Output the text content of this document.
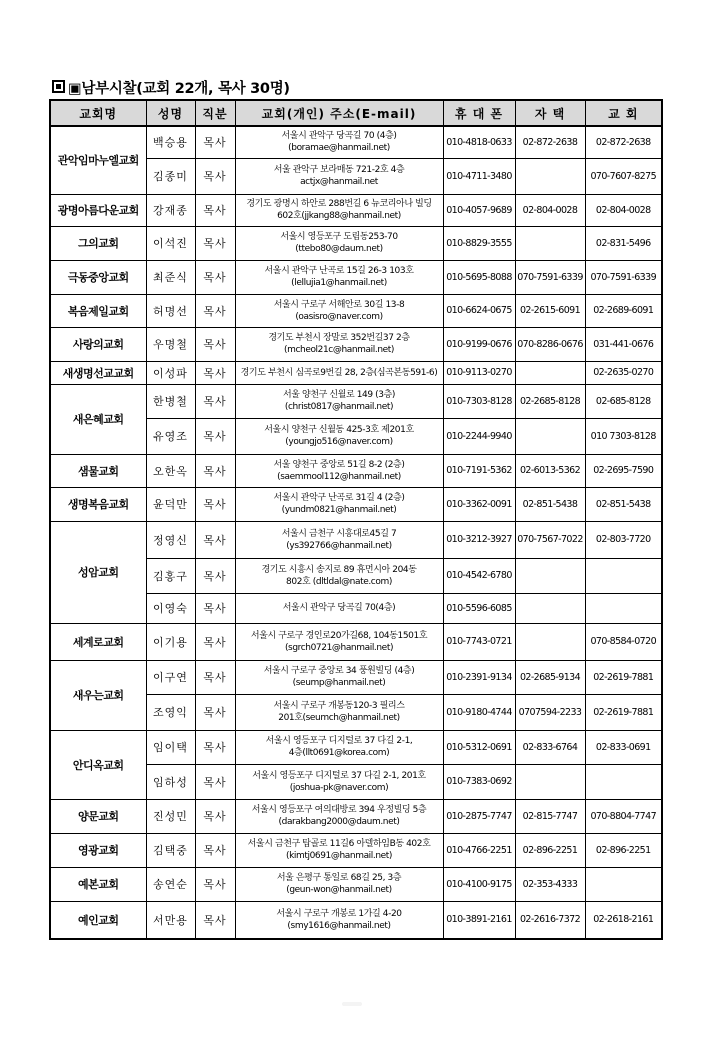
▣남부시찰(교회 22개, 목사 30명)
교회명	성명	직분	교회(개인) 주소(E-mail)	휴 대 폰	자 택	교 회
관악임마누엘교회	백승용	목사	서울시 관악구 당곡길 70 (4층)
(boramae@hanmail.net)	010-4818-0633	02-872-2638	02-872-2638
	김종미	목사	서울 관악구 보라매동 721-2호 4층
actjx@hanmail.net	010-4711-3480		070-7607-8275
광명아름다운교회	강재종	목사	경기도 광명시 하안로 288번길 6 뉴코리아나 빌딩
602호(jjkang88@hanmail.net)	010-4057-9689	02-804-0028	02-804-0028
그의교회	이석진	목사	서울시 영등포구 도림동253-70
(ttebo80@daum.net)	010-8829-3555		02-831-5496
극동중앙교회	최준식	목사	서울시 관악구 난곡로 15길 26-3 103호
(lellujia1@hanmail.net)	010-5695-8088	070-7591-6339	070-7591-6339
복음제일교회	허명선	목사	서울시 구로구 서해안로 30길 13-8
(oasisro@naver.com)	010-6624-0675	02-2615-6091	02-2689-6091
사랑의교회	우명철	목사	경기도 부천시 장말로 352번길37 2층
(mcheol21c@hanmail.net)	010-9199-0676	070-8286-0676	031-441-0676
새생명선교교회	이성파	목사	경기도 부천시 심곡로9번길 28, 2층(심곡본동591-6)	010-9113-0270		02-2635-0270
새은혜교회	한병철	목사	서울 양천구 신월로 149 (3층)
(christ0817@hanmail.net)	010-7303-8128	02-2685-8128	02-685-8128
	유영조	목사	서울시 양천구 신월동 425-3호 제201호
(youngjo516@naver.com)	010-2244-9940		010 7303-8128
샘물교회	오한옥	목사	서울 양천구 중앙로 51길 8-2 (2층)
(saemmool112@hanmail.net)	010-7191-5362	02-6013-5362	02-2695-7590
생명복음교회	윤덕만	목사	서울시 관악구 난곡로 31길 4 (2층)
(yundm0821@hanmail.net)	010-3362-0091	02-851-5438	02-851-5438
성암교회	정영신	목사	서울시 금천구 시흥대로45길 7
(ys392766@hanmail.net)	010-3212-3927	070-7567-7022	02-803-7720
	김홍구	목사	경기도 시흥시 송지로 89 휴먼시아 204동
802호 (dltldal@nate.com)	010-4542-6780		
	이영숙	목사	서울시 관악구 당곡길 70(4층)	010-5596-6085		
세계로교회	이기용	목사	서울시 구로구 경인로20가길68, 104동1501호
(sgrch0721@hanmail.net)	010-7743-0721		070-8584-0720
새우는교회	이구연	목사	서울시 구로구 중앙로 34 풍원빌딩 (4층)
(seump@hanmail.net)	010-2391-9134	02-2685-9134	02-2619-7881
	조영익	목사	서울시 구로구 개봉동120-3 필리스
201호(seumch@hanmail.net)	010-9180-4744	0707594-2233	02-2619-7881
안디옥교회	임이택	목사	서울시 영등포구 디지털로 37 다길 2-1,
4층(llt0691@korea.com)	010-5312-0691	02-833-6764	02-833-0691
	임하성	목사	서울시 영등포구 디지털로 37 다길 2-1, 201호
(joshua-pk@naver.com)	010-7383-0692		
양문교회	진성민	목사	서울시 영등포구 여의대방로 394 우정빌딩 5층
(darakbang2000@daum.net)	010-2875-7747	02-815-7747	070-8804-7747
영광교회	김택중	목사	서울시 금천구 탑골로 11길6 아델하임B동 402호
(kimtj0691@hanmail.net)	010-4766-2251	02-896-2251	02-896-2251
예본교회	송연순	목사	서울 은평구 통일로 68길 25, 3층
(geun-won@hanmail.net)	010-4100-9175	02-353-4333	
예인교회	서만용	목사	서울시 구로구 개봉로 1가길 4-20
(smy1616@hanmail.net)	010-3891-2161	02-2616-7372	02-2618-2161
